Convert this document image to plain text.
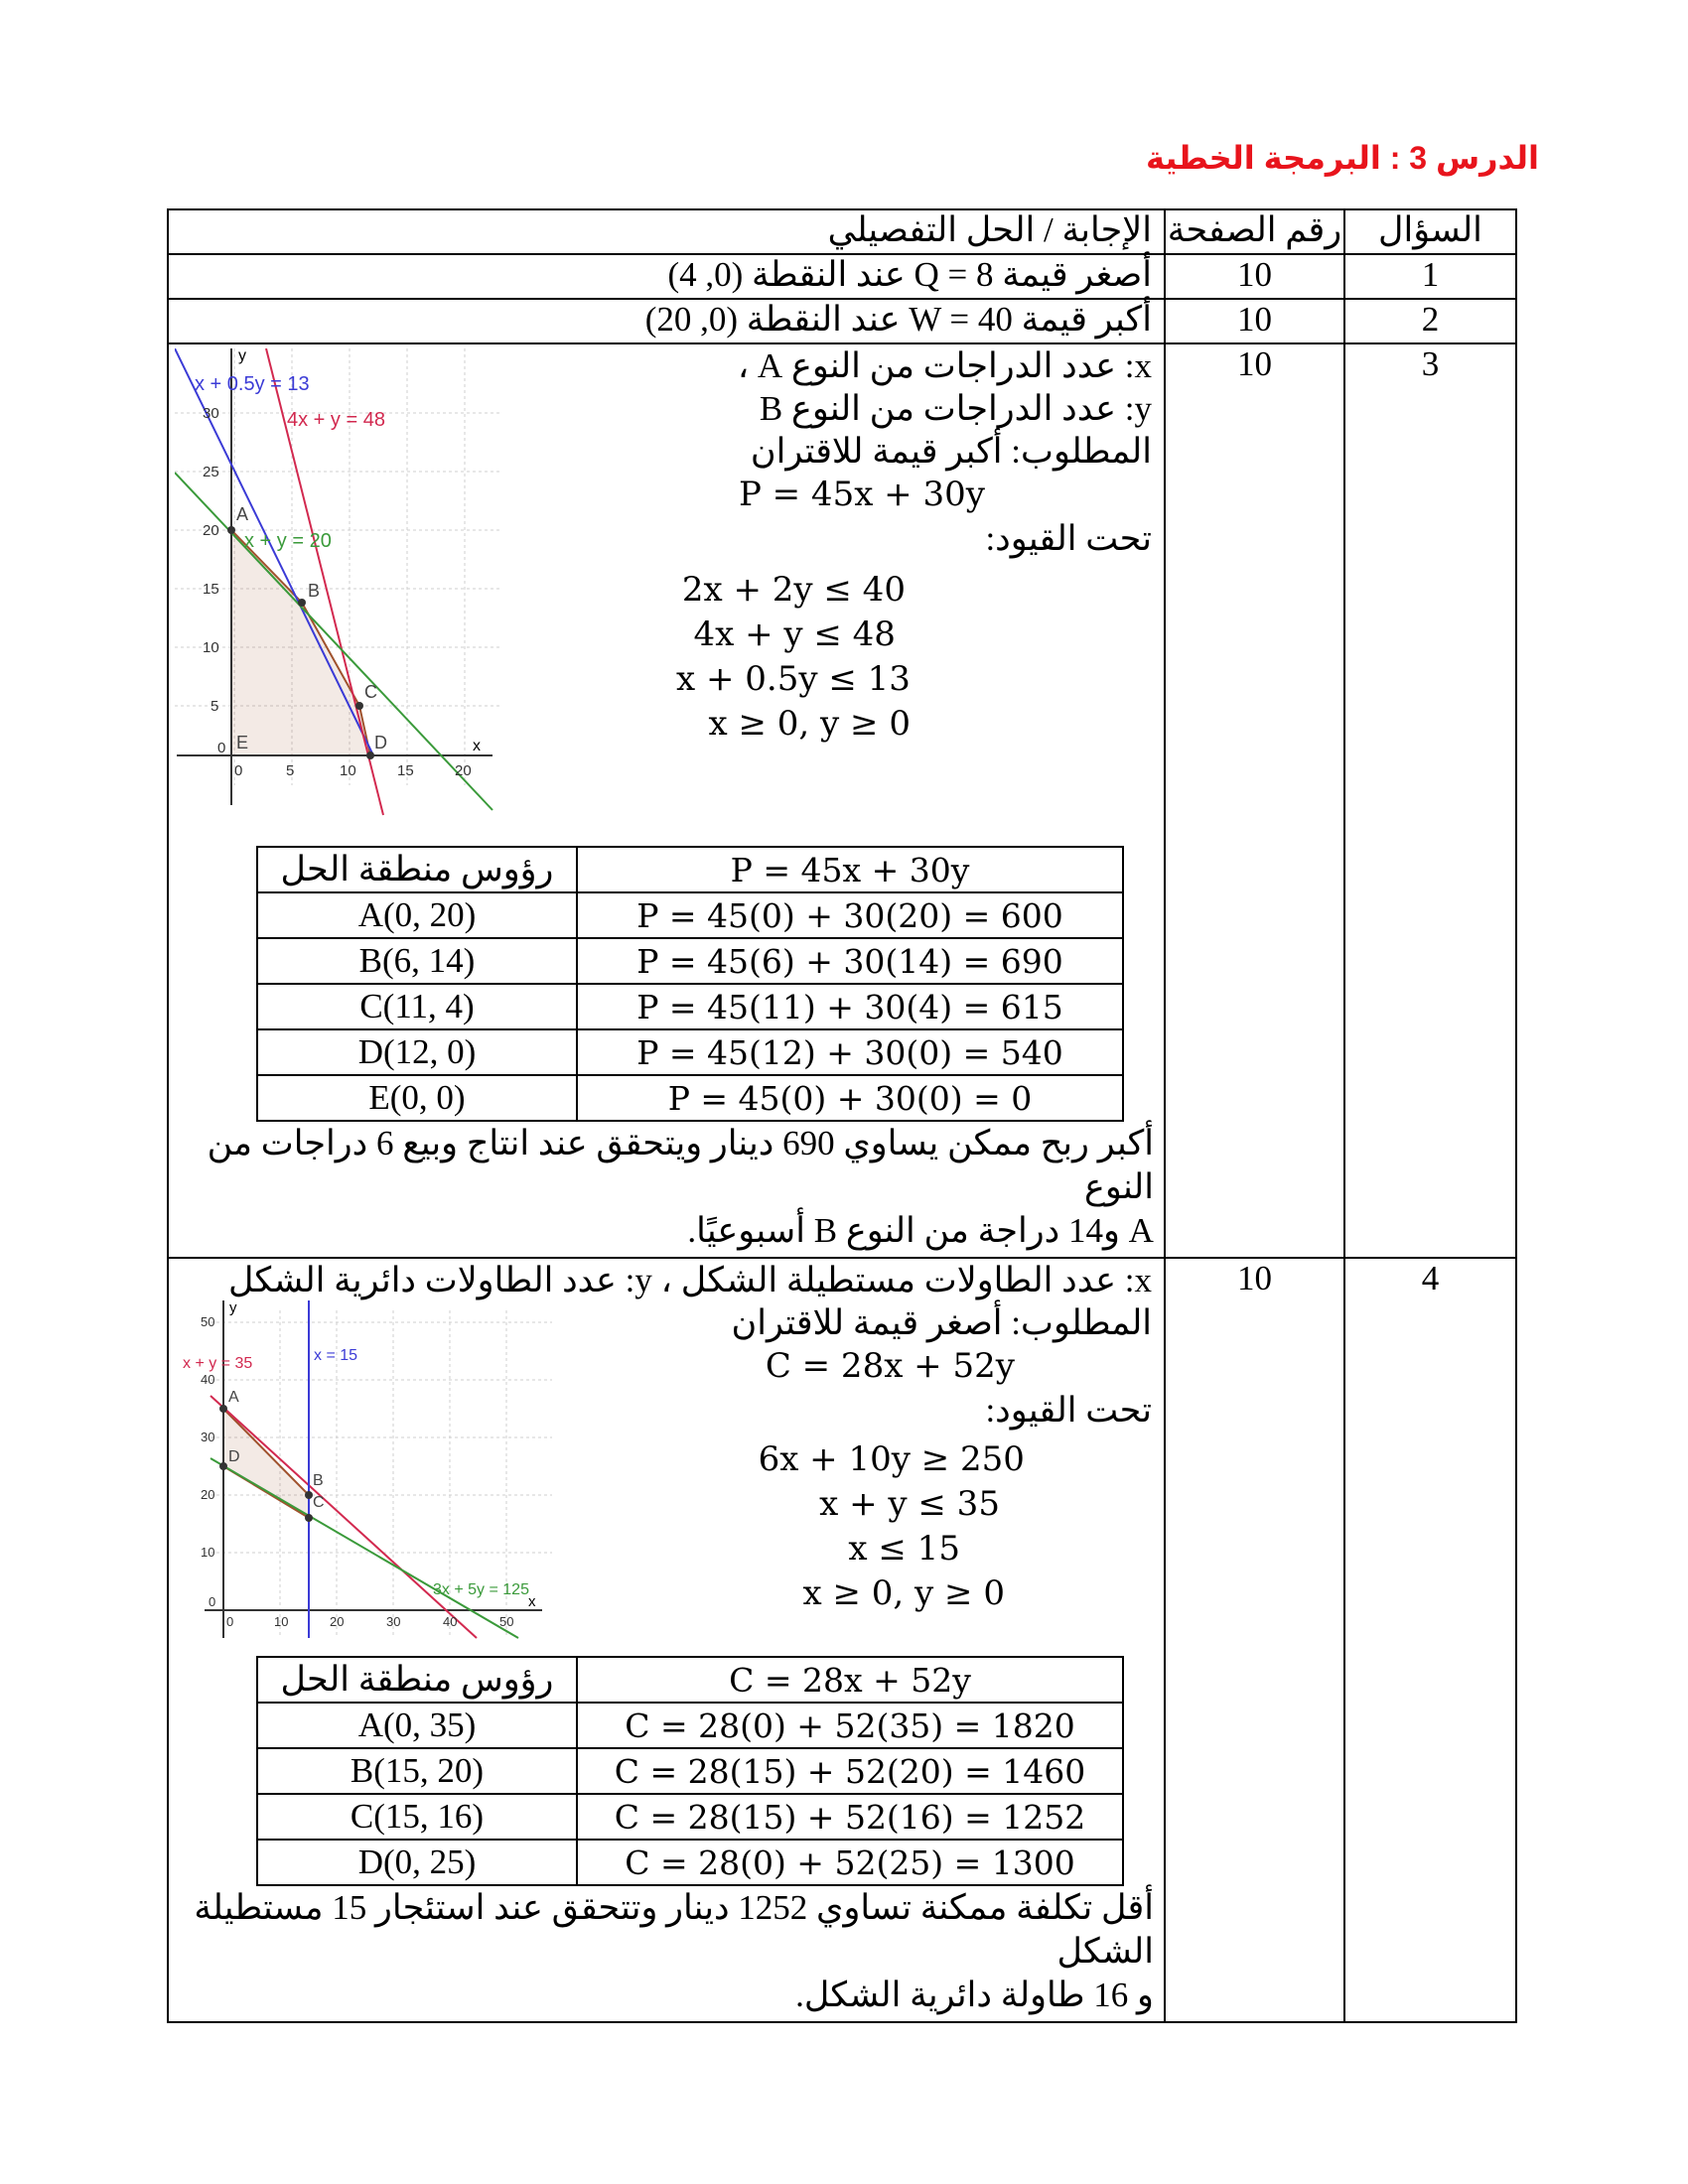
الدرس 3 : البرمجة الخطية
السؤال	رقم الصفحة	الإجابة / الحل التفصيلي
1	10	أصغر قيمة Q = 8 عند النقطة (0, 4)
2	10	أكبر قيمة W = 40 عند النقطة (0, 20)
3	10	
y
x
x + 0.5y = 13
4x + y = 48
x + y = 20
A
B
C
D
E
0
0	5	10	15	20
5
10
15
20
25
30
x: عدد الدراجات من النوع A ،
y: عدد الدراجات من النوع B
المطلوب: أكبر قيمة للاقتران
P = 45x + 30y
تحت القيود:
2x + 2y ≤ 40
4x + y ≤ 48
x + 0.5y ≤ 13
x ≥ 0, y ≥ 0
رؤوس منطقة الحل	P = 45x + 30y
A(0, 20)	P = 45(0) + 30(20) = 600
B(6, 14)	P = 45(6) + 30(14) = 690
C(11, 4)	P = 45(11) + 30(4) = 615
D(12, 0)	P = 45(12) + 30(0) = 540
E(0, 0)	P = 45(0) + 30(0) = 0
أكبر ربح ممكن يساوي 690 دينار ويتحقق عند انتاج وبيع 6 دراجات من النوع
A و14 دراجة من النوع B أسبوعيًا.

4	10	
y
x
x + y = 35	x = 15
3x + 5y = 125
A
B
C
D
0
0	10	20	30	40	50
10
20
30
40
50
x: عدد الطاولات مستطيلة الشكل ، y: عدد الطاولات دائرية الشكل
المطلوب: أصغر قيمة للاقتران
C = 28x + 52y
تحت القيود:
6x + 10y ≥ 250
x + y ≤ 35
x ≤ 15
x ≥ 0, y ≥ 0
رؤوس منطقة الحل	C = 28x + 52y
A(0, 35)	C = 28(0) + 52(35) = 1820
B(15, 20)	C = 28(15) + 52(20) = 1460
C(15, 16)	C = 28(15) + 52(16) = 1252
D(0, 25)	C = 28(0) + 52(25) = 1300
أقل تكلفة ممكنة تساوي 1252 دينار وتتحقق عند استئجار 15 مستطيلة الشكل
و 16 طاولة دائرية الشكل.
